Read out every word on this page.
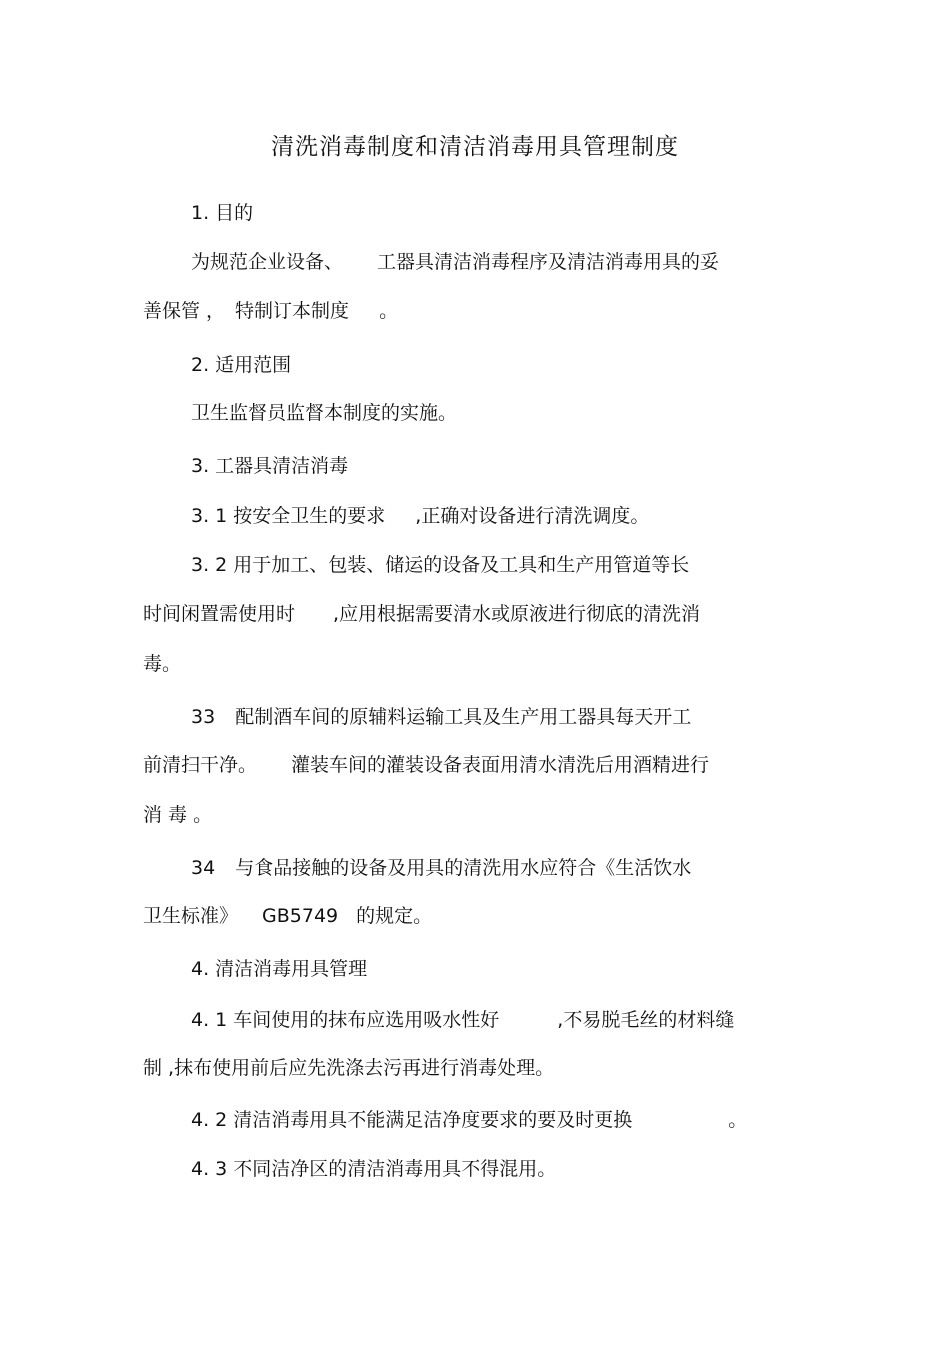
清洗消毒制度和清洁消毒用具管理制度
1. 目的
为规范企业设备、 工器具清洁消毒程序及清洁消毒用具的妥
善保管 ， 特制订本制度 。
2. 适用范围
卫生监督员监督本制度的实施。
3. 工器具清洁消毒
3. 1 按安全卫生的要求 ,正确对设备进行清洗调度。
3. 2 用于加工、包装、储运的设备及工具和生产用管道等长
时间闲置需使用时 ,应用根据需要清水或原液进行彻底的清洗消
毒。
33 配制酒车间的原辅料运输工具及生产用工器具每天开工
前清扫干净。 灌装车间的灌装设备表面用清水清洗后用酒精进行
消 毒 。
34 与食品接触的设备及用具的清洗用水应符合《生活饮水
卫生标准》 GB5749 的规定。
4. 清洁消毒用具管理
4. 1 车间使用的抹布应选用吸水性好	,不易脱毛丝的材料缝
制 ,抹布使用前后应先洗涤去污再进行消毒处理。
4. 2 清洁消毒用具不能满足洁净度要求的要及时更换	。
4. 3 不同洁净区的清洁消毒用具不得混用。
